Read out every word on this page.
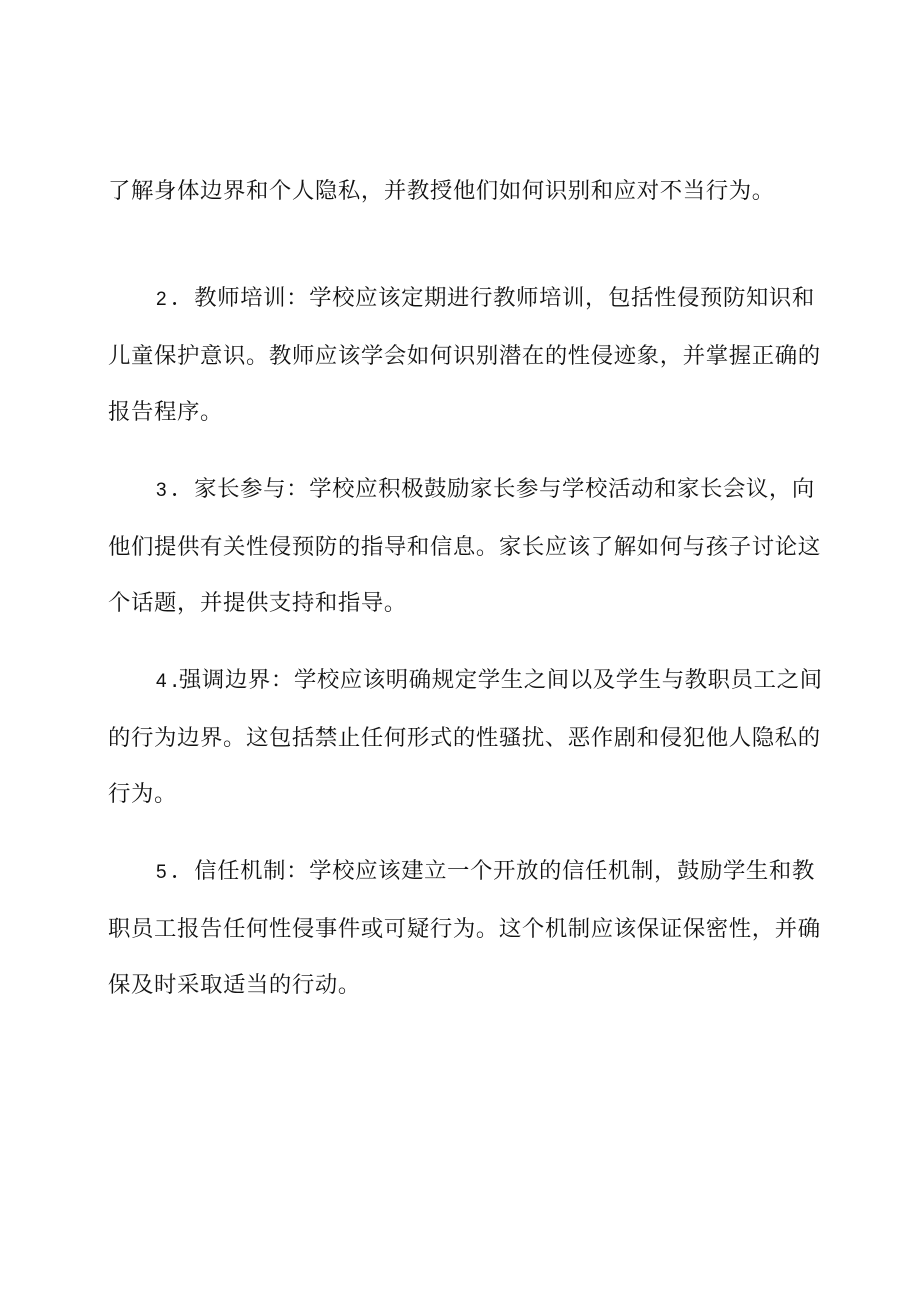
了解身体边界和个人隐私，并教授他们如何识别和应对不当行为。

2 ．教师培训：学校应该定期进行教师培训，包括性侵预防知识和
儿童保护意识。教师应该学会如何识别潜在的性侵迹象，并掌握正确的
报告程序。

3 ．家长参与：学校应积极鼓励家长参与学校活动和家长会议，向
他们提供有关性侵预防的指导和信息。家长应该了解如何与孩子讨论这
个话题，并提供支持和指导。

4 .强调边界：学校应该明确规定学生之间以及学生与教职员工之间
的行为边界。这包括禁止任何形式的性骚扰、恶作剧和侵犯他人隐私的
行为。

5 ．信任机制：学校应该建立一个开放的信任机制，鼓励学生和教
职员工报告任何性侵事件或可疑行为。这个机制应该保证保密性，并确
保及时采取适当的行动。
